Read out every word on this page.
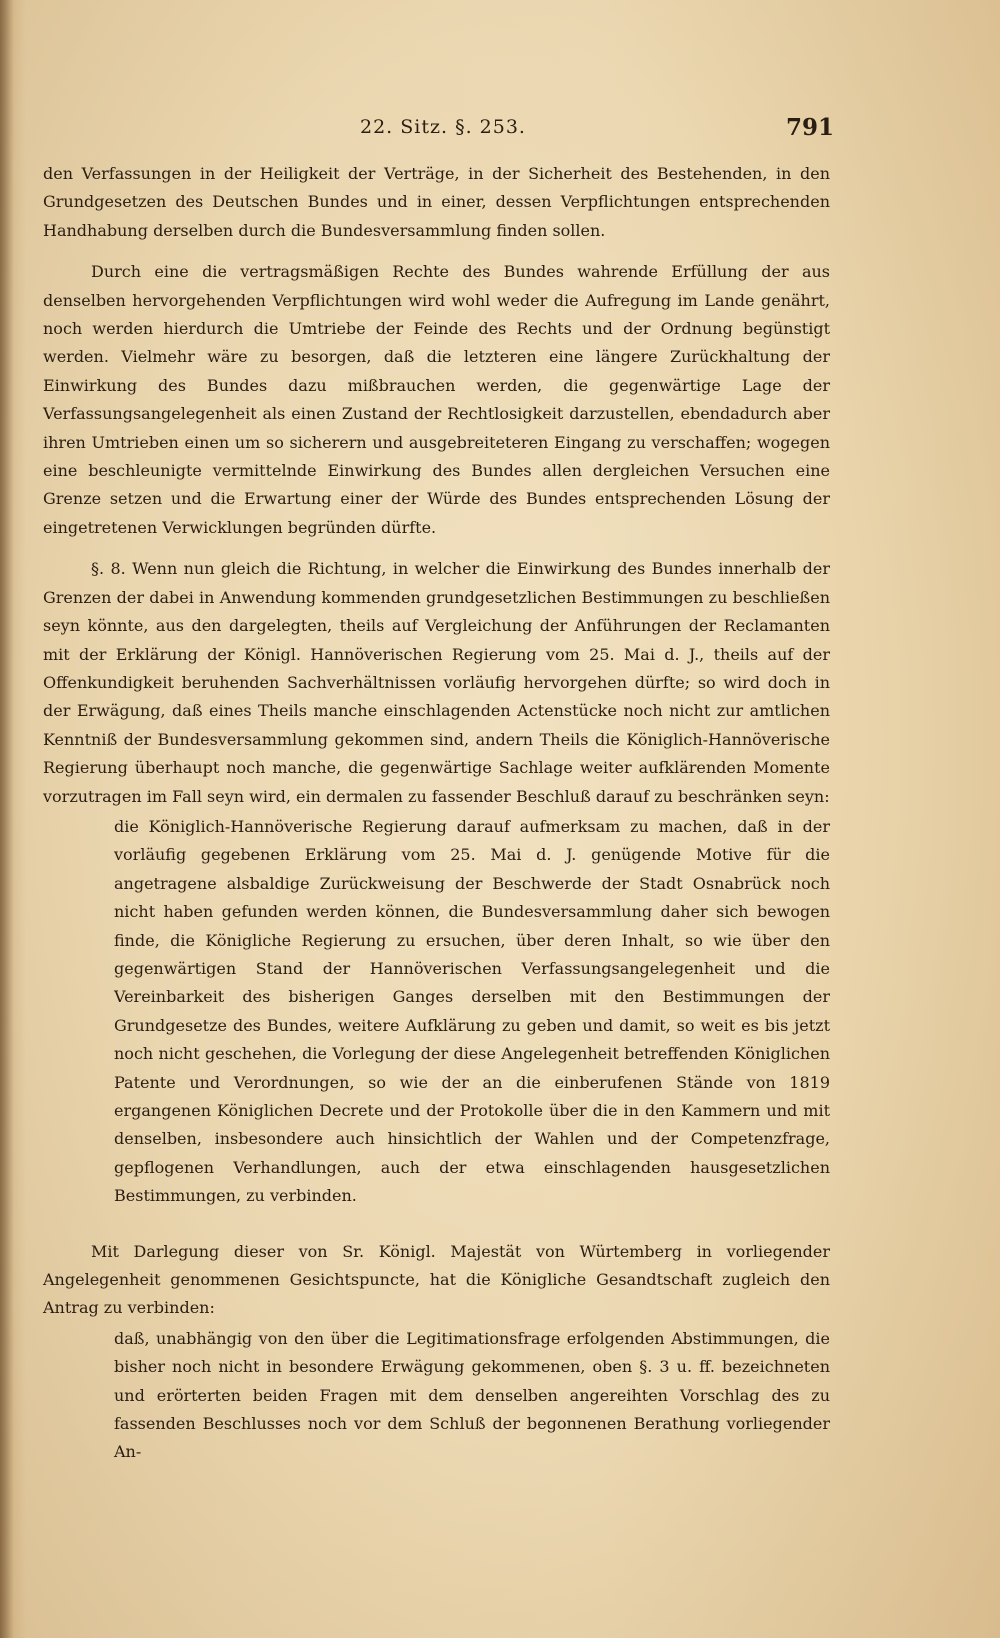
22. Sitz. §. 253.	791

den Verfassungen in der Heiligkeit der Verträge, in der Sicherheit des Bestehenden, in den Grundgesetzen des Deutschen Bundes und in einer, dessen Verpflichtungen entsprechenden Handhabung derselben durch die Bundesversammlung finden sollen.

Durch eine die vertragsmäßigen Rechte des Bundes wahrende Erfüllung der aus denselben hervorgehenden Verpflichtungen wird wohl weder die Aufregung im Lande genährt, noch werden hierdurch die Umtriebe der Feinde des Rechts und der Ordnung begünstigt werden. Vielmehr wäre zu besorgen, daß die letzteren eine längere Zurückhaltung der Einwirkung des Bundes dazu mißbrauchen werden, die gegenwärtige Lage der Verfassungsangelegenheit als einen Zustand der Rechtlosigkeit darzustellen, ebendadurch aber ihren Umtrieben einen um so sicherern und ausgebreiteteren Eingang zu verschaffen; wogegen eine beschleunigte vermittelnde Einwirkung des Bundes allen dergleichen Versuchen eine Grenze setzen und die Erwartung einer der Würde des Bundes entsprechenden Lösung der eingetretenen Verwicklungen begründen dürfte.

§. 8. Wenn nun gleich die Richtung, in welcher die Einwirkung des Bundes innerhalb der Grenzen der dabei in Anwendung kommenden grundgesetzlichen Bestimmungen zu beschließen seyn könnte, aus den dargelegten, theils auf Vergleichung der Anführungen der Reclamanten mit der Erklärung der Königl. Hannöverischen Regierung vom 25. Mai d. J., theils auf der Offenkundigkeit beruhenden Sachverhältnissen vorläufig hervorgehen dürfte; so wird doch in der Erwägung, daß eines Theils manche einschlagenden Actenstücke noch nicht zur amtlichen Kenntniß der Bundesversammlung gekommen sind, andern Theils die Königlich-Hannöverische Regierung überhaupt noch manche, die gegenwärtige Sachlage weiter aufklärenden Momente vorzutragen im Fall seyn wird, ein dermalen zu fassender Beschluß darauf zu beschränken seyn:

die Königlich-Hannöverische Regierung darauf aufmerksam zu machen, daß in der vorläufig gegebenen Erklärung vom 25. Mai d. J. genügende Motive für die angetragene alsbaldige Zurückweisung der Beschwerde der Stadt Osnabrück noch nicht haben gefunden werden können, die Bundesversammlung daher sich bewogen finde, die Königliche Regierung zu ersuchen, über deren Inhalt, so wie über den gegenwärtigen Stand der Hannöverischen Verfassungsangelegenheit und die Vereinbarkeit des bisherigen Ganges derselben mit den Bestimmungen der Grundgesetze des Bundes, weitere Aufklärung zu geben und damit, so weit es bis jetzt noch nicht geschehen, die Vorlegung der diese Angelegenheit betreffenden Königlichen Patente und Verordnungen, so wie der an die einberufenen Stände von 1819 ergangenen Königlichen Decrete und der Protokolle über die in den Kammern und mit denselben, insbesondere auch hinsichtlich der Wahlen und der Competenzfrage, gepflogenen Verhandlungen, auch der etwa einschlagenden hausgesetzlichen Bestimmungen, zu verbinden.

Mit Darlegung dieser von Sr. Königl. Majestät von Würtemberg in vorliegender Angelegenheit genommenen Gesichtspuncte, hat die Königliche Gesandtschaft zugleich den Antrag zu verbinden:

daß, unabhängig von den über die Legitimationsfrage erfolgenden Abstimmungen, die bisher noch nicht in besondere Erwägung gekommenen, oben §. 3 u. ff. bezeichneten und erörterten beiden Fragen mit dem denselben angereihten Vorschlag des zu fassenden Beschlusses noch vor dem Schluß der begonnenen Berathung vorliegender An-
